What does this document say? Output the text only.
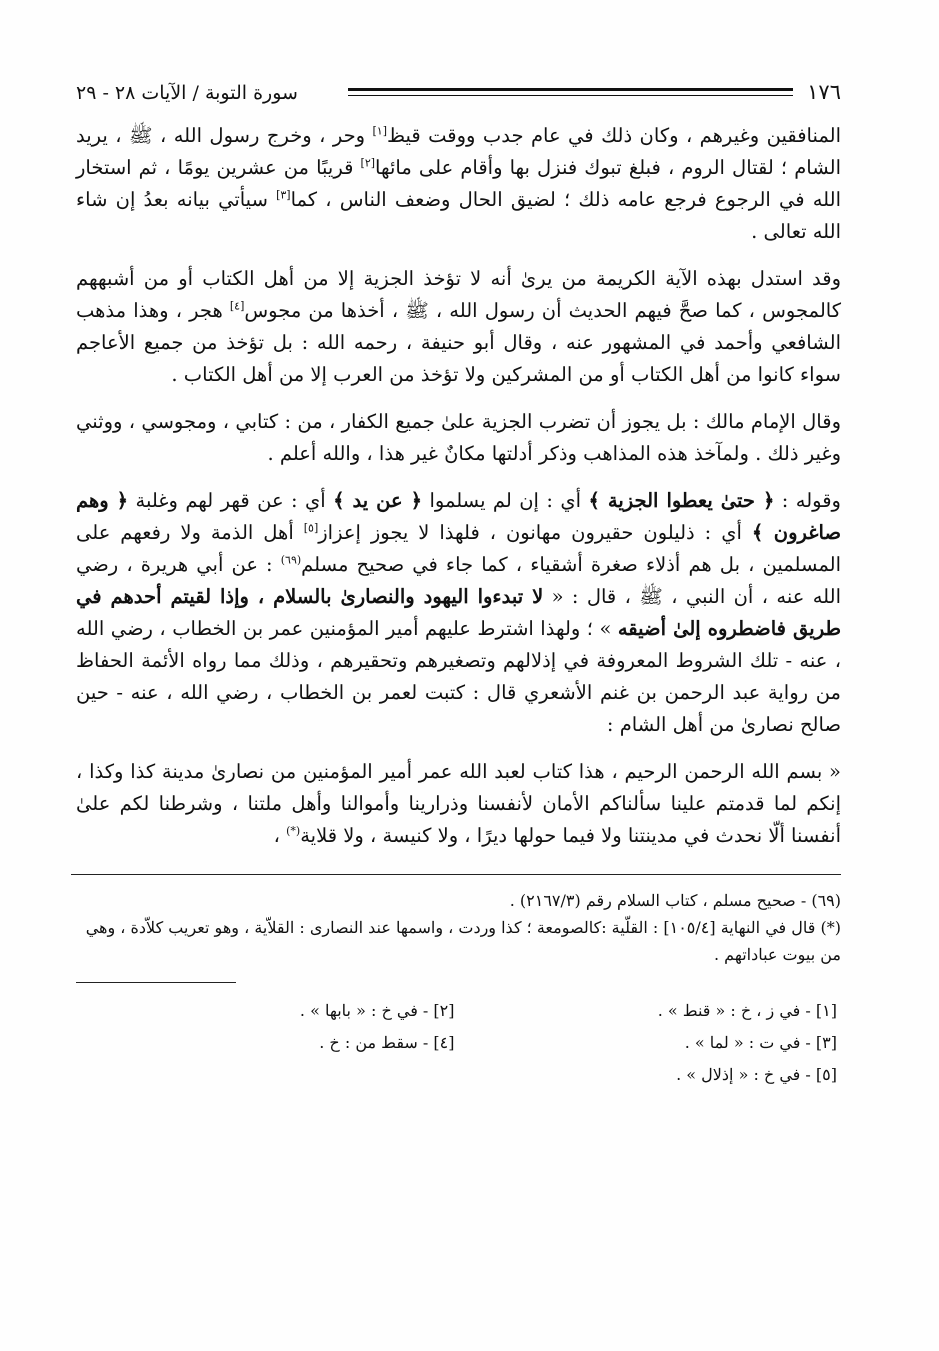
١٧٦
سورة التوبة / الآيات ٢٨ - ٢٩

المنافقين وغيرهم ، وكان ذلك في عام جدب ووقت قيظ[١] وحر ، وخرج رسول الله ، ﷺ ، يريد الشام ؛ لقتال الروم ، فبلغ تبوك فنزل بها وأقام على مائها[٢] قريبًا من عشرين يومًا ، ثم استخار الله في الرجوع فرجع عامه ذلك ؛ لضيق الحال وضعف الناس ، كما[٣] سيأتي بيانه بعدُ إن شاء الله تعالى .

وقد استدل بهذه الآية الكريمة من يرىٰ أنه لا تؤخذ الجزية إلا من أهل الكتاب أو من أشبههم كالمجوس ، كما صحَّ فيهم الحديث أن رسول الله ، ﷺ ، أخذها من مجوس[٤] هجر ، وهذا مذهب الشافعي وأحمد في المشهور عنه ، وقال أبو حنيفة ، رحمه الله : بل تؤخذ من جميع الأعاجم سواء كانوا من أهل الكتاب أو من المشركين ولا تؤخذ من العرب إلا من أهل الكتاب .

وقال الإمام مالك : بل يجوز أن تضرب الجزية علىٰ جميع الكفار ، من : كتابي ، ومجوسي ، ووثني وغير ذلك . ولمآخذ هذه المذاهب وذكر أدلتها مكانٌ غير هذا ، والله أعلم .

وقوله : ﴿ حتىٰ يعطوا الجزية ﴾ أي : إن لم يسلموا ﴿ عن يد ﴾ أي : عن قهر لهم وغلبة ﴿ وهم صاغرون ﴾ أي : ذليلون حقيرون مهانون ، فلهذا لا يجوز إعزاز[٥] أهل الذمة ولا رفعهم على المسلمين ، بل هم أذلاء صغرة أشقياء ، كما جاء في صحيح مسلم$^{(٦٩)}$ : عن أبي هريرة ، رضي الله عنه ، أن النبي ، ﷺ ، قال : « لا تبدءوا اليهود والنصارىٰ بالسلام ، وإذا لقيتم أحدهم في طريق فاضطروه إلىٰ أضيقه » ؛ ولهذا اشترط عليهم أمير المؤمنين عمر بن الخطاب ، رضي الله ، عنه - تلك الشروط المعروفة في إذلالهم وتصغيرهم وتحقيرهم ، وذلك مما رواه الأئمة الحفاظ من رواية عبد الرحمن بن غنم الأشعري قال : كتبت لعمر بن الخطاب ، رضي الله ، عنه - حين صالح نصارىٰ من أهل الشام :

« بسم الله الرحمن الرحيم ، هذا كتاب لعبد الله عمر أمير المؤمنين من نصارىٰ مدينة كذا وكذا ، إنكم لما قدمتم علينا سألناكم الأمان لأنفسنا وذرارينا وأموالنا وأهل ملتنا ، وشرطنا لكم علىٰ أنفسنا ألّا نحدث في مدينتنا ولا فيما حولها ديرًا ، ولا كنيسة ، ولا قلاية(*) ،

(٦٩) - صحيح مسلم ، كتاب السلام رقم (٢١٦٧/٣) .

(*) قال في النهاية [١٠٥/٤] : القلّية :كالصومعة ؛ كذا وردت ، واسمها عند النصارى : القلاّية ، وهو تعريب كلاّدة ، وهي من بيوت عباداتهم .

[١] - في ز ، خ : « قنط » .
[٢] - في خ : « بابها » .
[٣] - في ت : « لما » .
[٤] - سقط من : خ .
[٥] - في خ : « إذلال » .
